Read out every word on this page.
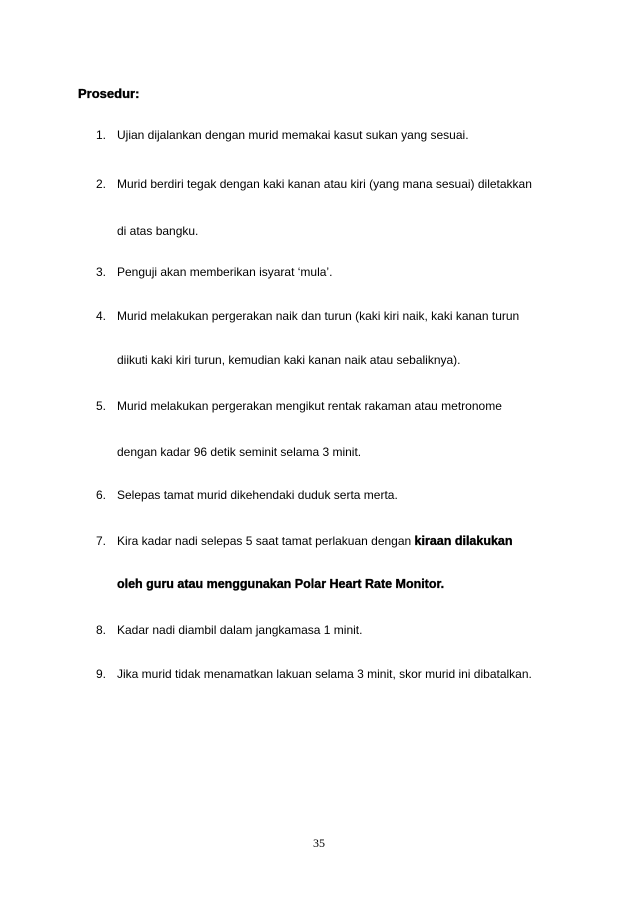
Prosedur:
1. Ujian dijalankan dengan murid memakai kasut sukan yang sesuai.
2. Murid berdiri tegak dengan kaki kanan atau kiri (yang mana sesuai) diletakkan
di atas bangku.
3. Penguji akan memberikan isyarat ‘mula’.
4. Murid melakukan pergerakan naik dan turun (kaki kiri naik, kaki kanan turun
diikuti kaki kiri turun, kemudian kaki kanan naik atau sebaliknya).
5. Murid melakukan pergerakan mengikut rentak rakaman atau metronome
dengan kadar 96 detik seminit selama 3 minit.
6. Selepas tamat murid dikehendaki duduk serta merta.
7. Kira kadar nadi selepas 5 saat tamat perlakuan dengan kiraan dilakukan
oleh guru atau menggunakan Polar Heart Rate Monitor.
8. Kadar nadi diambil dalam jangkamasa 1 minit.
9. Jika murid tidak menamatkan lakuan selama 3 minit, skor murid ini dibatalkan.
35
